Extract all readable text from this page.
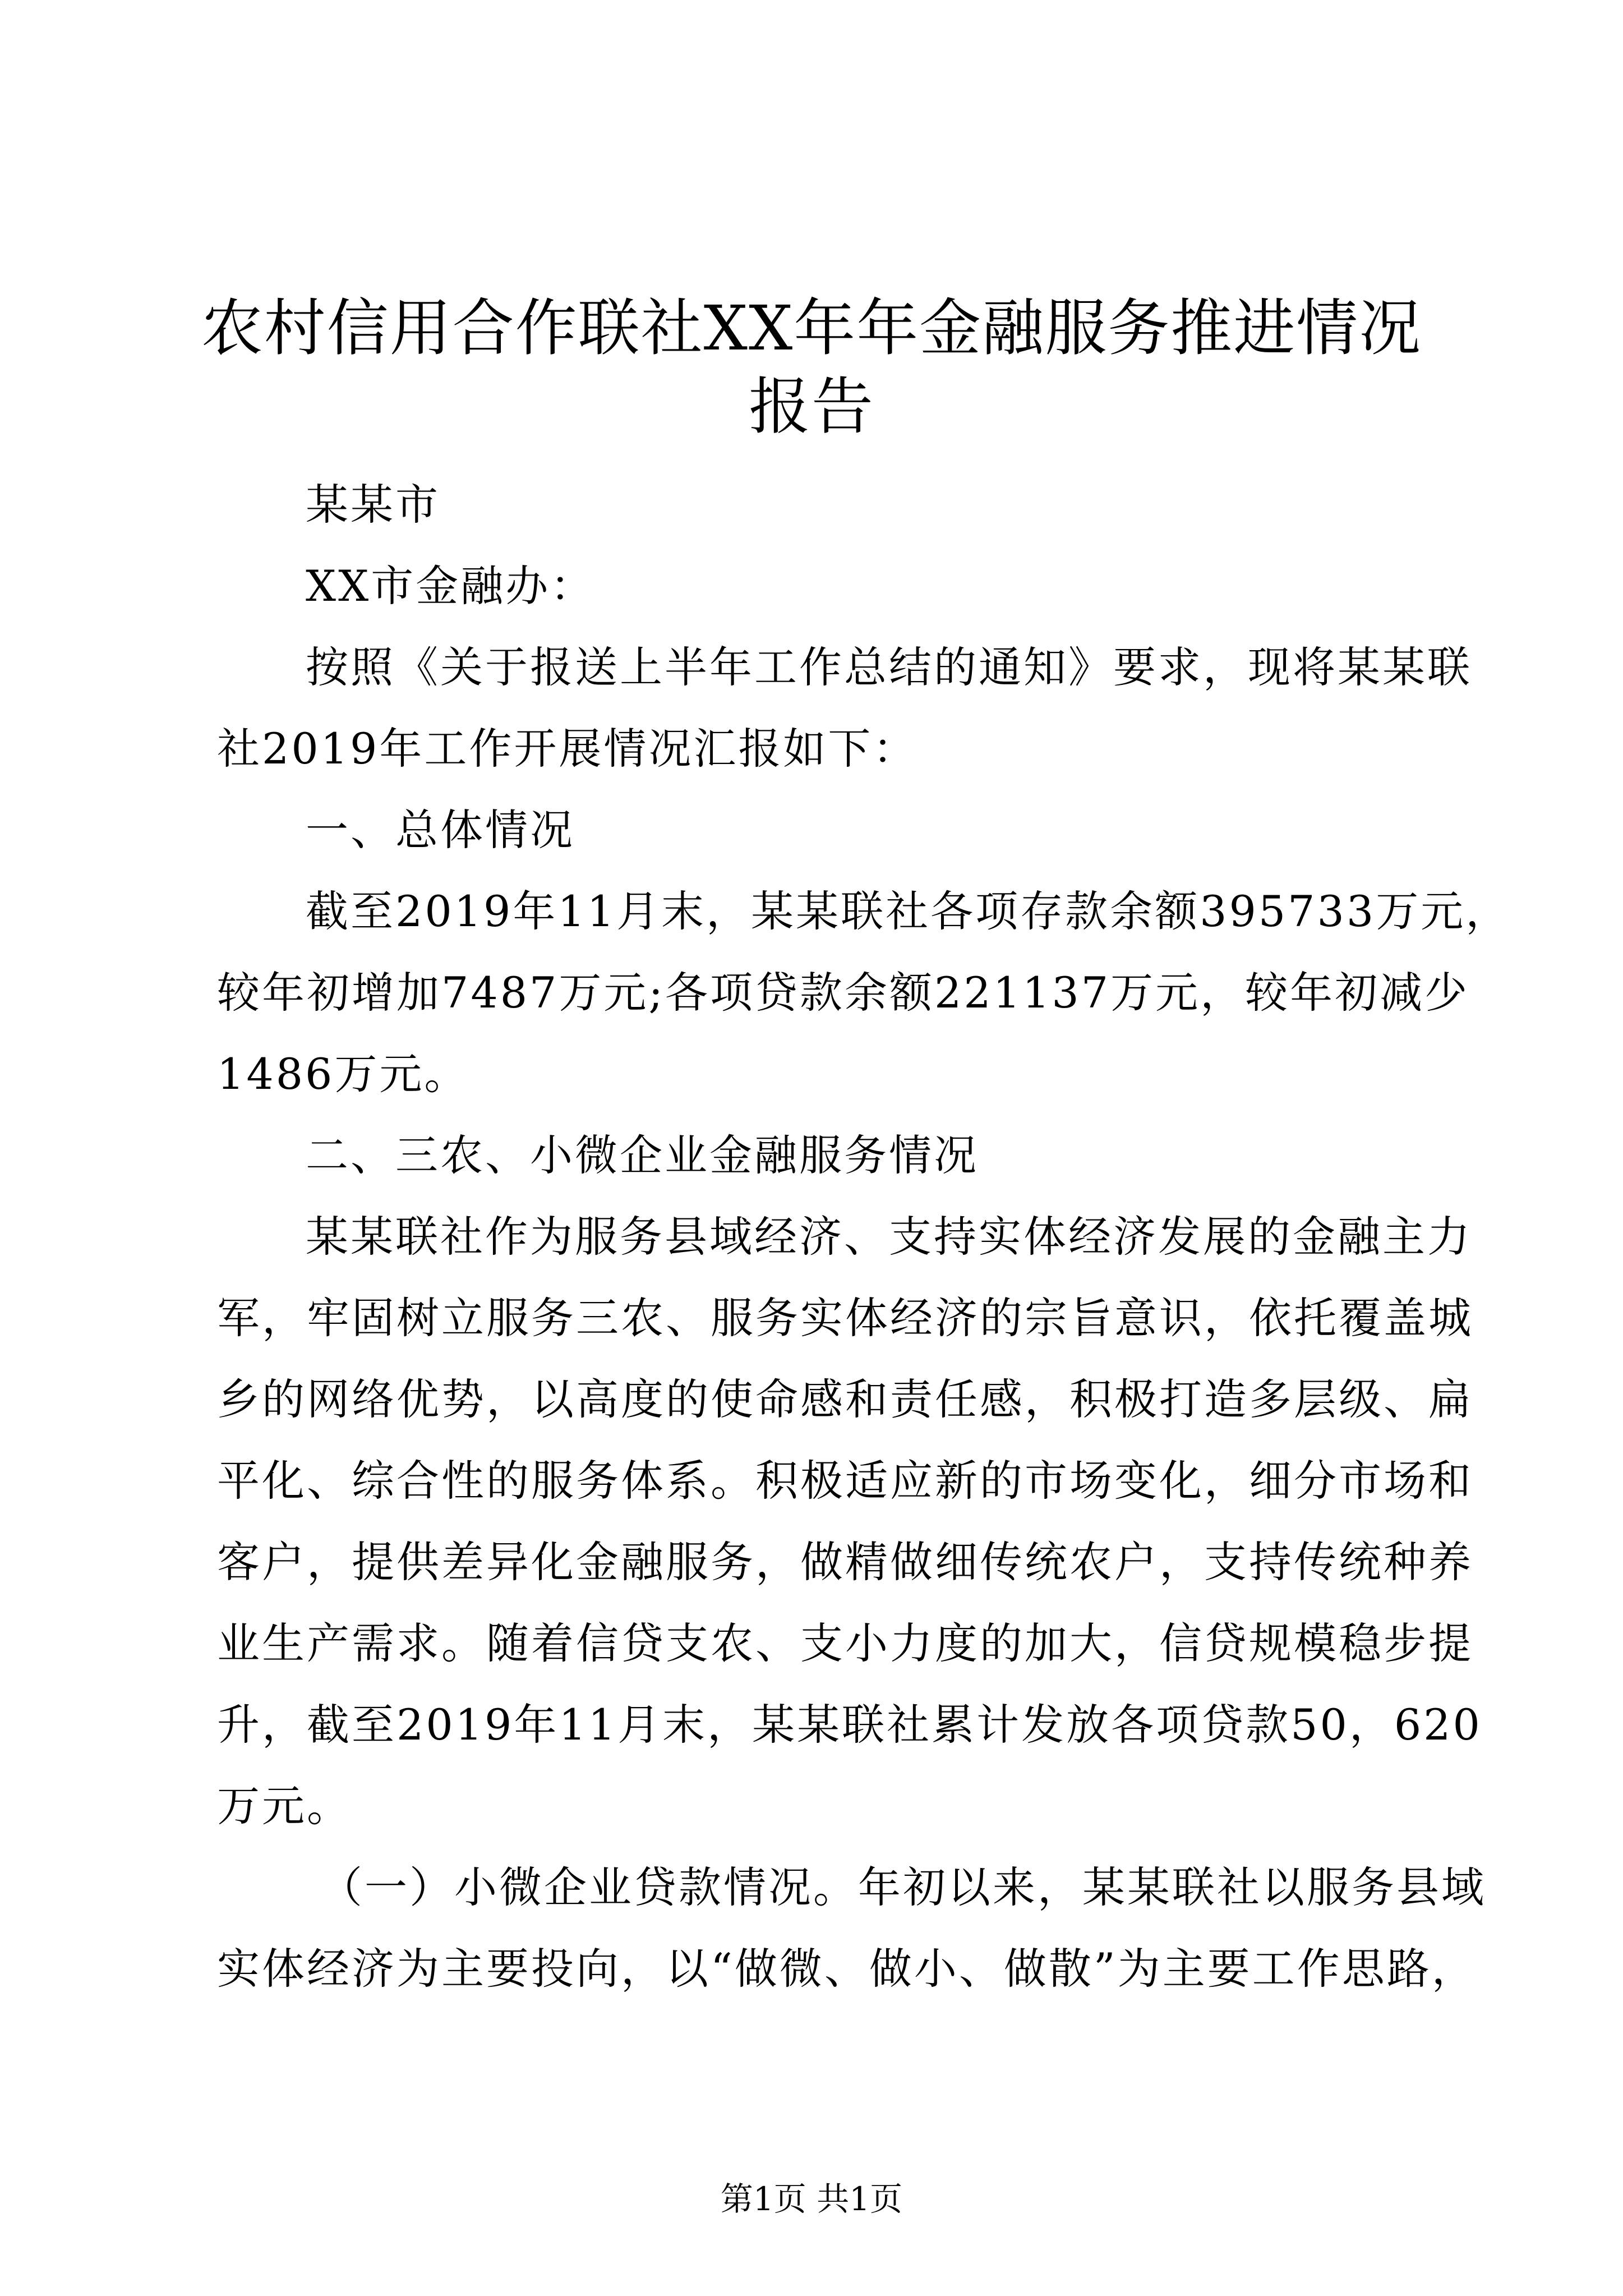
农村信用合作联社XX年年金融服务推进情况
报告
某某市
XX市金融办：
按照《关于报送上半年工作总结的通知》要求，现将某某联
社2019年工作开展情况汇报如下：
一、总体情况
截至2019年11月末，某某联社各项存款余额395733万元，
较年初增加7487万元;各项贷款余额221137万元，较年初减少
1486万元。
二、三农、小微企业金融服务情况
某某联社作为服务县域经济、支持实体经济发展的金融主力
军，牢固树立服务三农、服务实体经济的宗旨意识，依托覆盖城
乡的网络优势，以高度的使命感和责任感，积极打造多层级、扁
平化、综合性的服务体系。积极适应新的市场变化，细分市场和
客户，提供差异化金融服务，做精做细传统农户，支持传统种养
业生产需求。随着信贷支农、支小力度的加大，信贷规模稳步提
升，截至2019年11月末，某某联社累计发放各项贷款50，620
万元。
（一）小微企业贷款情况。年初以来，某某联社以服务县域
实体经济为主要投向，以“做微、做小、做散”为主要工作思路，
第1页 共1页
